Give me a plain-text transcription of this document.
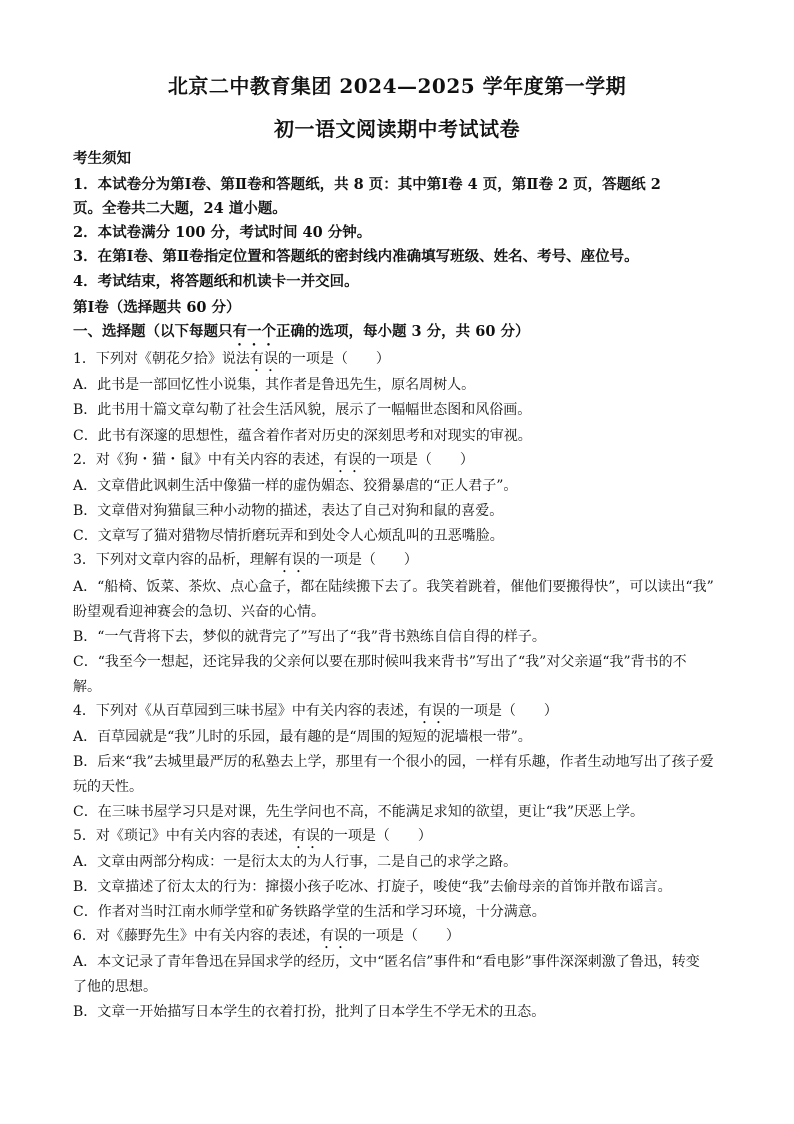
北京二中教育集团 2024—2025 学年度第一学期
初一语文阅读期中考试试卷
考生须知
1．本试卷分为第Ⅰ卷、第Ⅱ卷和答题纸，共 8 页：其中第Ⅰ卷 4 页，第Ⅱ卷 2 页，答题纸 2
页。全卷共二大题，24 道小题。
2．本试卷满分 100 分，考试时间 40 分钟。
3．在第Ⅰ卷、第Ⅱ卷指定位置和答题纸的密封线内准确填写班级、姓名、考号、座位号。
4．考试结束，将答题纸和机读卡一并交回。
第Ⅰ卷（选择题共 60 分）
一、选择题（以下每题只有一个正确的选项，每小题 3 分，共 60 分）
1．下列对《朝花夕拾》说法有误的一项是（　　）
A．此书是一部回忆性小说集，其作者是鲁迅先生，原名周树人。
B．此书用十篇文章勾勒了社会生活风貌，展示了一幅幅世态图和风俗画。
C．此书有深邃的思想性，蕴含着作者对历史的深刻思考和对现实的审视。
2．对《狗・猫・鼠》中有关内容的表述，有误的一项是（　　）
A．文章借此讽刺生活中像猫一样的虚伪媚态、狡猾暴虐的“正人君子”。
B．文章借对狗猫鼠三种小动物的描述，表达了自己对狗和鼠的喜爱。
C．文章写了猫对猎物尽情折磨玩弄和到处令人心烦乱叫的丑恶嘴脸。
3．下列对文章内容的品析，理解有误的一项是（　　）
A．“船椅、饭菜、茶炊、点心盒子，都在陆续搬下去了。我笑着跳着，催他们要搬得快”，可以读出“我”
盼望观看迎神赛会的急切、兴奋的心情。
B．“一气背将下去，梦似的就背完了”写出了“我”背书熟练自信自得的样子。
C．“我至今一想起，还诧异我的父亲何以要在那时候叫我来背书”写出了“我”对父亲逼“我”背书的不
解。
4．下列对《从百草园到三味书屋》中有关内容的表述，有误的一项是（　　）
A．百草园就是“我”儿时的乐园，最有趣的是“周围的短短的泥墙根一带”。
B．后来“我”去城里最严厉的私塾去上学，那里有一个很小的园，一样有乐趣，作者生动地写出了孩子爱
玩的天性。
C．在三味书屋学习只是对课，先生学问也不高，不能满足求知的欲望，更让“我”厌恶上学。
5．对《琐记》中有关内容的表述，有误的一项是（　　）
A．文章由两部分构成：一是衍太太的为人行事，二是自己的求学之路。
B．文章描述了衍太太的行为：撺掇小孩子吃冰、打旋子，唆使“我”去偷母亲的首饰并散布谣言。
C．作者对当时江南水师学堂和矿务铁路学堂的生活和学习环境，十分满意。
6．对《藤野先生》中有关内容的表述，有误的一项是（　　）
A．本文记录了青年鲁迅在异国求学的经历，文中“匿名信”事件和“看电影”事件深深刺激了鲁迅，转变
了他的思想。
B．文章一开始描写日本学生的衣着打扮，批判了日本学生不学无术的丑态。
